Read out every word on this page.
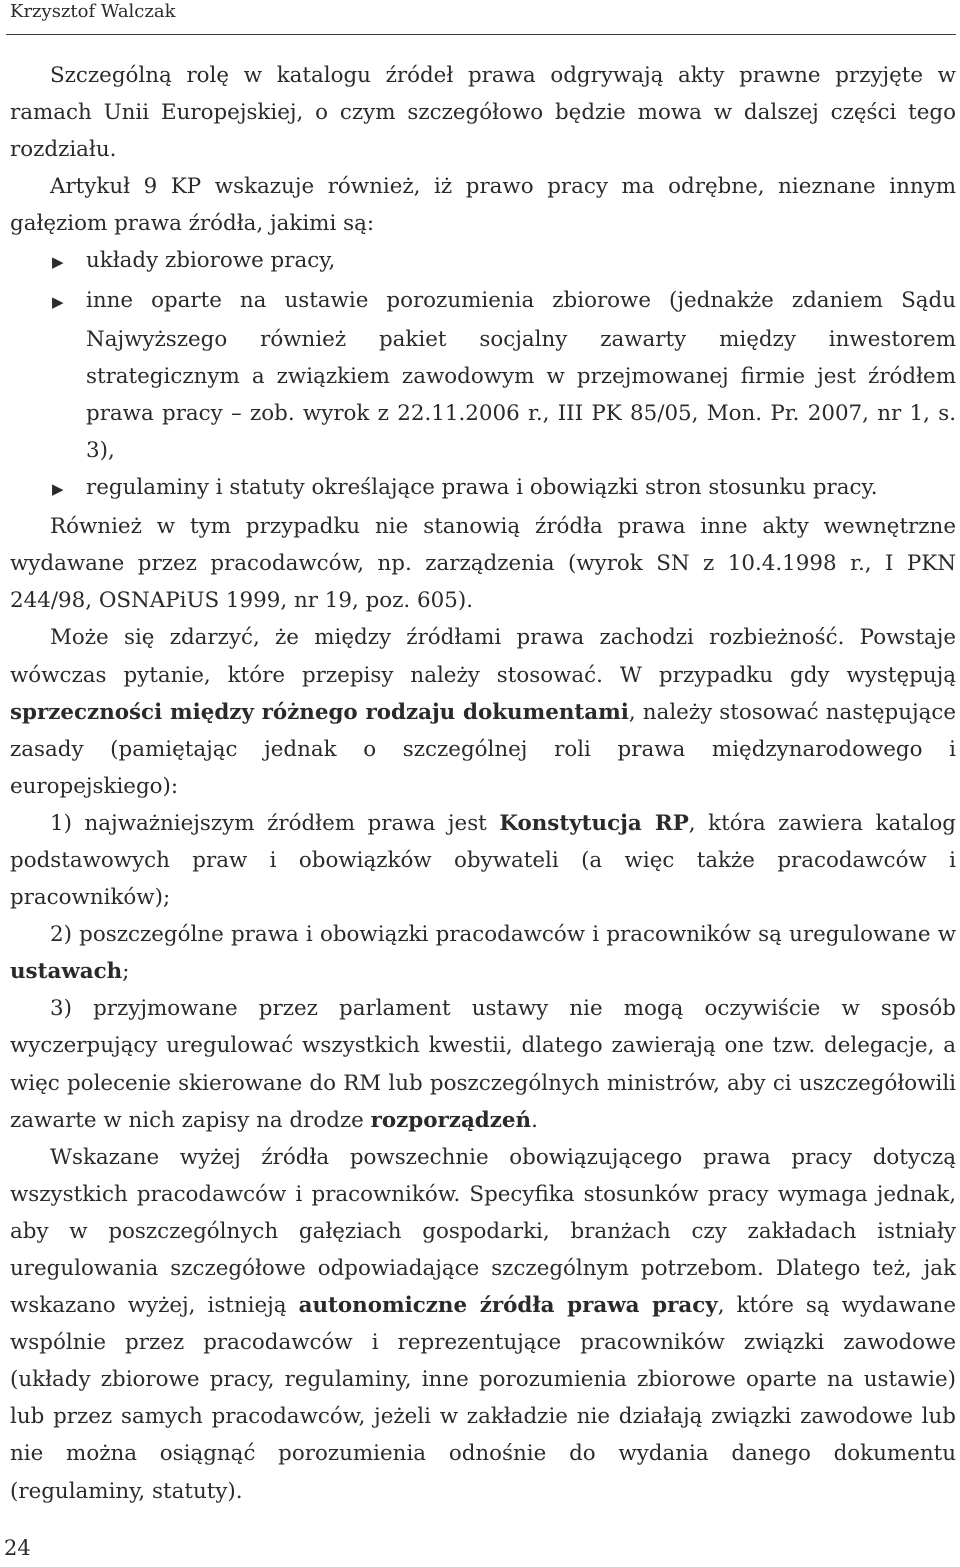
Krzysztof Walczak

Szczególną rolę w katalogu źródeł prawa odgrywają akty prawne przyjęte w ramach Unii Europejskiej, o czym szczegółowo będzie mowa w dalszej części tego rozdziału.

Artykuł 9 KP wskazuje również, iż prawo pracy ma odrębne, nieznane innym gałęziom prawa źródła, jakimi są:

▶ układy zbiorowe pracy,

▶ inne oparte na ustawie porozumienia zbiorowe (jednakże zdaniem Sądu Najwyższego również pakiet socjalny zawarty między inwestorem strategicznym a związkiem zawodowym w przejmowanej firmie jest źródłem prawa pracy – zob. wyrok z 22.11.2006 r., III PK 85/05, Mon. Pr. 2007, nr 1, s. 3),

▶ regulaminy i statuty określające prawa i obowiązki stron stosunku pracy.

Również w tym przypadku nie stanowią źródła prawa inne akty wewnętrzne wydawane przez pracodawców, np. zarządzenia (wyrok SN z 10.4.1998 r., I PKN 244/98, OSNAPiUS 1999, nr 19, poz. 605).

Może się zdarzyć, że między źródłami prawa zachodzi rozbieżność. Powstaje wówczas pytanie, które przepisy należy stosować. W przypadku gdy występują sprzeczności między różnego rodzaju dokumentami, należy stosować następujące zasady (pamiętając jednak o szczególnej roli prawa międzynarodowego i europejskiego):

1) najważniejszym źródłem prawa jest Konstytucja RP, która zawiera katalog podstawowych praw i obowiązków obywateli (a więc także pracodawców i pracowników);

2) poszczególne prawa i obowiązki pracodawców i pracowników są uregulowane w ustawach;

3) przyjmowane przez parlament ustawy nie mogą oczywiście w sposób wyczerpujący uregulować wszystkich kwestii, dlatego zawierają one tzw. delegacje, a więc polecenie skierowane do RM lub poszczególnych ministrów, aby ci uszczegółowili zawarte w nich zapisy na drodze rozporządzeń.

Wskazane wyżej źródła powszechnie obowiązującego prawa pracy dotyczą wszystkich pracodawców i pracowników. Specyfika stosunków pracy wymaga jednak, aby w poszczególnych gałęziach gospodarki, branżach czy zakładach istniały uregulowania szczegółowe odpowiadające szczególnym potrzebom. Dlatego też, jak wskazano wyżej, istnieją autonomiczne źródła prawa pracy, które są wydawane wspólnie przez pracodawców i reprezentujące pracowników związki zawodowe (układy zbiorowe pracy, regulaminy, inne porozumienia zbiorowe oparte na ustawie) lub przez samych pracodawców, jeżeli w zakładzie nie działają związki zawodowe lub nie można osiągnąć porozumienia odnośnie do wydania danego dokumentu (regulaminy, statuty).

24
